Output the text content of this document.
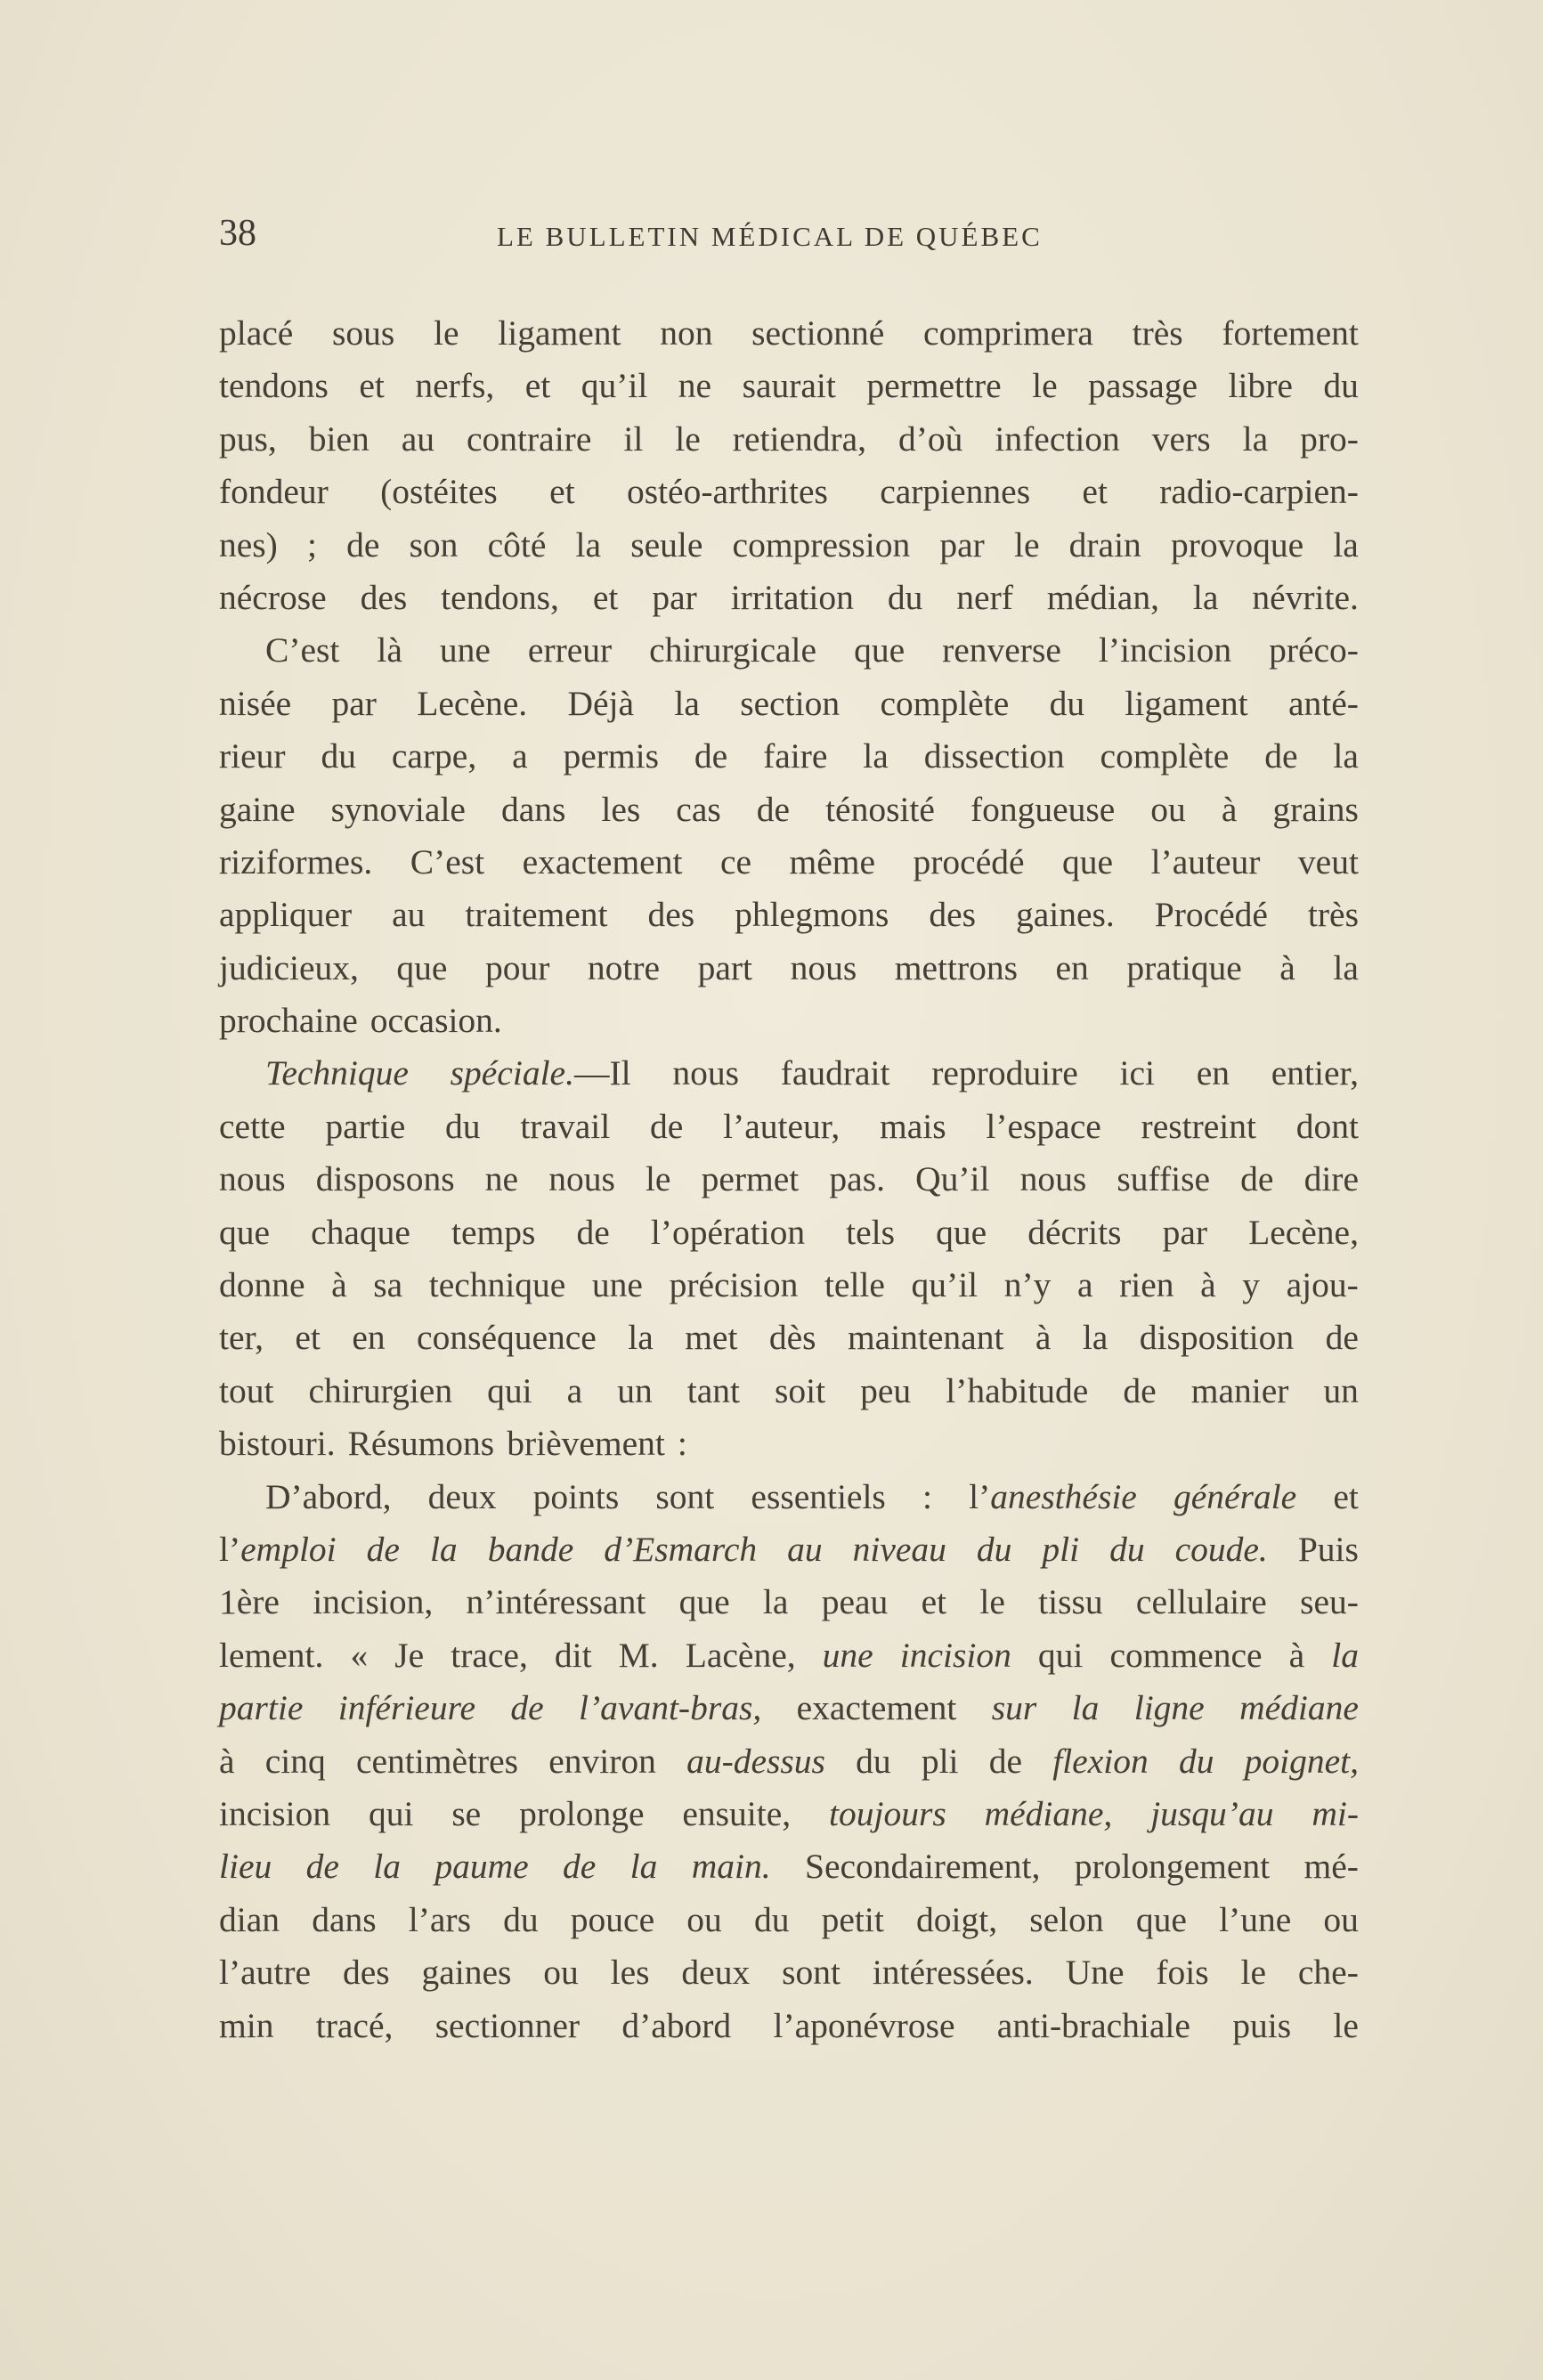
38	LE BULLETIN MÉDICAL DE QUÉBEC
placé sous le ligament non sectionné comprimera très fortement
tendons et nerfs, et qu’il ne saurait permettre le passage libre du
pus, bien au contraire il le retiendra, d’où infection vers la pro-
fondeur (ostéites et ostéo-arthrites carpiennes et radio-carpien-
nes) ; de son côté la seule compression par le drain provoque la
nécrose des tendons, et par irritation du nerf médian, la névrite.
C’est là une erreur chirurgicale que renverse l’incision préco-
nisée par Lecène. Déjà la section complète du ligament anté-
rieur du carpe, a permis de faire la dissection complète de la
gaine synoviale dans les cas de ténosité fongueuse ou à grains
riziformes. C’est exactement ce même procédé que l’auteur veut
appliquer au traitement des phlegmons des gaines. Procédé très
judicieux, que pour notre part nous mettrons en pratique à la
prochaine occasion.
Technique spéciale.—Il nous faudrait reproduire ici en entier,
cette partie du travail de l’auteur, mais l’espace restreint dont
nous disposons ne nous le permet pas. Qu’il nous suffise de dire
que chaque temps de l’opération tels que décrits par Lecène,
donne à sa technique une précision telle qu’il n’y a rien à y ajou-
ter, et en conséquence la met dès maintenant à la disposition de
tout chirurgien qui a un tant soit peu l’habitude de manier un
bistouri. Résumons brièvement :
D’abord, deux points sont essentiels : l’anesthésie générale et
l’emploi de la bande d’Esmarch au niveau du pli du coude. Puis
1ère incision, n’intéressant que la peau et le tissu cellulaire seu-
lement. « Je trace, dit M. Lacène, une incision qui commence à la
partie inférieure de l’avant-bras, exactement sur la ligne médiane
à cinq centimètres environ au-dessus du pli de flexion du poignet,
incision qui se prolonge ensuite, toujours médiane, jusqu’au mi-
lieu de la paume de la main. Secondairement, prolongement mé-
dian dans l’ars du pouce ou du petit doigt, selon que l’une ou
l’autre des gaines ou les deux sont intéressées. Une fois le che-
min tracé, sectionner d’abord l’aponévrose anti-brachiale puis le
